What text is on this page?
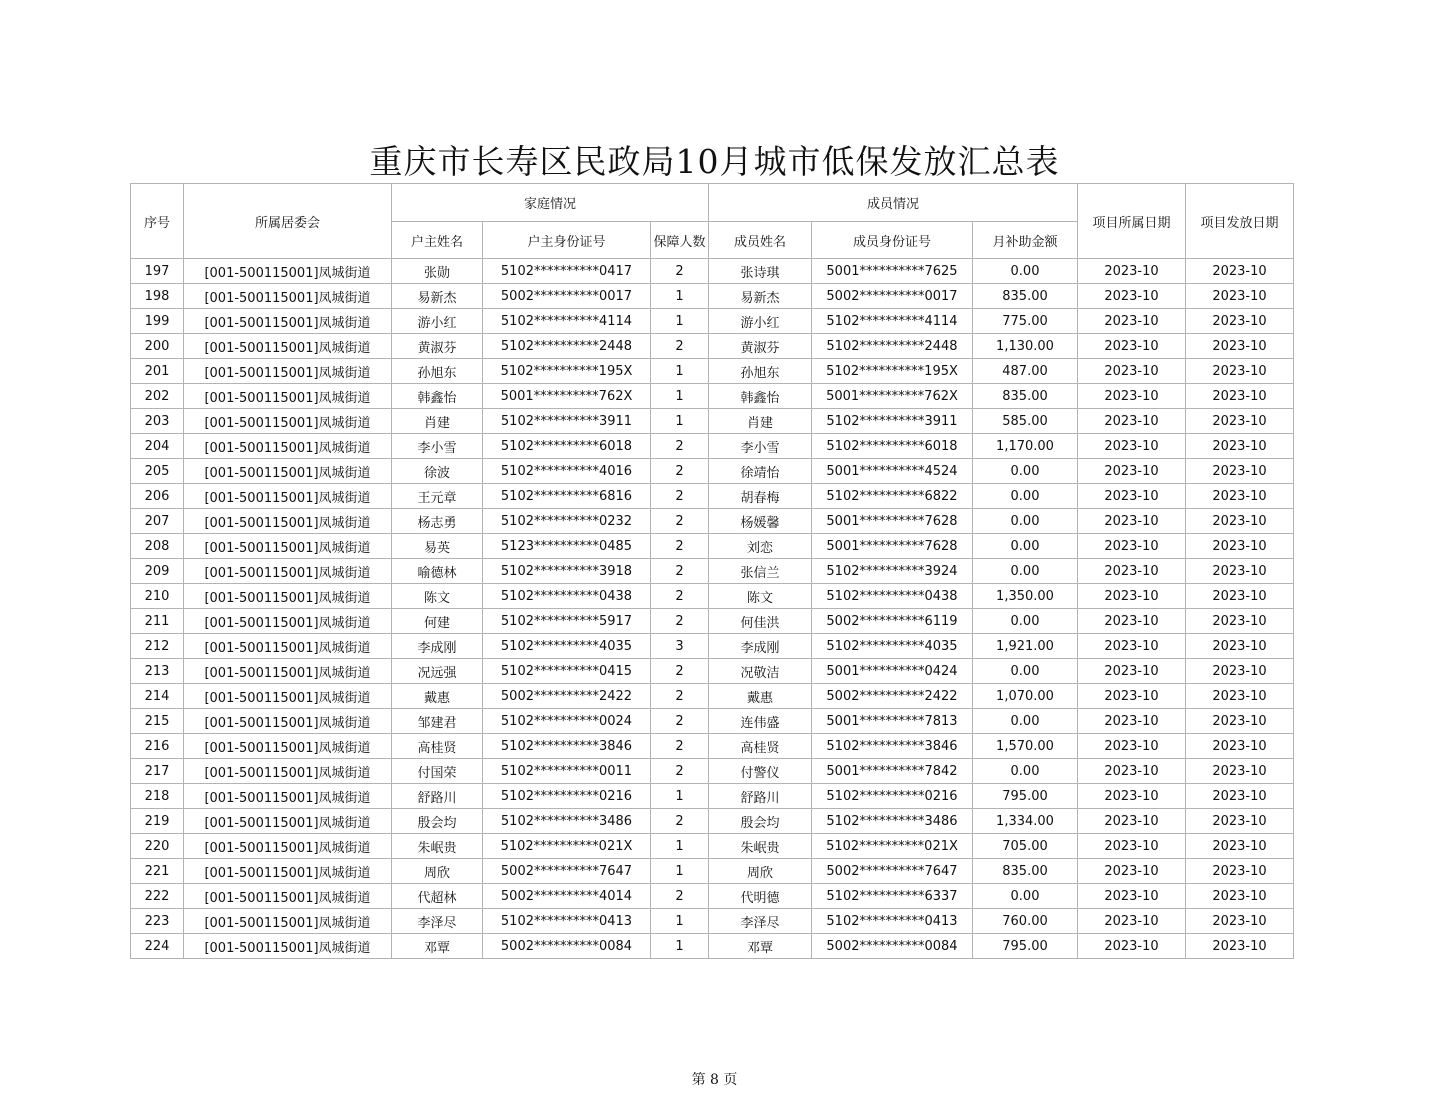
重庆市长寿区民政局10月城市低保发放汇总表
序号	所属居委会	家庭情况			成员情况			项目所属日期	项目发放日期
		户主姓名	户主身份证号	保障人数	成员姓名	成员身份证号	月补助金额		
197	[001-500115001]凤城街道	张勋	5102**********0417	2	张诗琪	5001**********7625	0.00	2023-10	2023-10
198	[001-500115001]凤城街道	易新杰	5002**********0017	1	易新杰	5002**********0017	835.00	2023-10	2023-10
199	[001-500115001]凤城街道	游小红	5102**********4114	1	游小红	5102**********4114	775.00	2023-10	2023-10
200	[001-500115001]凤城街道	黄淑芬	5102**********2448	2	黄淑芬	5102**********2448	1,130.00	2023-10	2023-10
201	[001-500115001]凤城街道	孙旭东	5102**********195X	1	孙旭东	5102**********195X	487.00	2023-10	2023-10
202	[001-500115001]凤城街道	韩鑫怡	5001**********762X	1	韩鑫怡	5001**********762X	835.00	2023-10	2023-10
203	[001-500115001]凤城街道	肖建	5102**********3911	1	肖建	5102**********3911	585.00	2023-10	2023-10
204	[001-500115001]凤城街道	李小雪	5102**********6018	2	李小雪	5102**********6018	1,170.00	2023-10	2023-10
205	[001-500115001]凤城街道	徐波	5102**********4016	2	徐靖怡	5001**********4524	0.00	2023-10	2023-10
206	[001-500115001]凤城街道	王元章	5102**********6816	2	胡春梅	5102**********6822	0.00	2023-10	2023-10
207	[001-500115001]凤城街道	杨志勇	5102**********0232	2	杨媛馨	5001**********7628	0.00	2023-10	2023-10
208	[001-500115001]凤城街道	易英	5123**********0485	2	刘恋	5001**********7628	0.00	2023-10	2023-10
209	[001-500115001]凤城街道	喻德林	5102**********3918	2	张信兰	5102**********3924	0.00	2023-10	2023-10
210	[001-500115001]凤城街道	陈文	5102**********0438	2	陈文	5102**********0438	1,350.00	2023-10	2023-10
211	[001-500115001]凤城街道	何建	5102**********5917	2	何佳洪	5002**********6119	0.00	2023-10	2023-10
212	[001-500115001]凤城街道	李成刚	5102**********4035	3	李成刚	5102**********4035	1,921.00	2023-10	2023-10
213	[001-500115001]凤城街道	况远强	5102**********0415	2	况敬洁	5001**********0424	0.00	2023-10	2023-10
214	[001-500115001]凤城街道	戴惠	5002**********2422	2	戴惠	5002**********2422	1,070.00	2023-10	2023-10
215	[001-500115001]凤城街道	邹建君	5102**********0024	2	连伟盛	5001**********7813	0.00	2023-10	2023-10
216	[001-500115001]凤城街道	高桂贤	5102**********3846	2	高桂贤	5102**********3846	1,570.00	2023-10	2023-10
217	[001-500115001]凤城街道	付国荣	5102**********0011	2	付警仪	5001**********7842	0.00	2023-10	2023-10
218	[001-500115001]凤城街道	舒路川	5102**********0216	1	舒路川	5102**********0216	795.00	2023-10	2023-10
219	[001-500115001]凤城街道	殷会均	5102**********3486	2	殷会均	5102**********3486	1,334.00	2023-10	2023-10
220	[001-500115001]凤城街道	朱岷贵	5102**********021X	1	朱岷贵	5102**********021X	705.00	2023-10	2023-10
221	[001-500115001]凤城街道	周欣	5002**********7647	1	周欣	5002**********7647	835.00	2023-10	2023-10
222	[001-500115001]凤城街道	代超林	5002**********4014	2	代明德	5102**********6337	0.00	2023-10	2023-10
223	[001-500115001]凤城街道	李泽尽	5102**********0413	1	李泽尽	5102**********0413	760.00	2023-10	2023-10
224	[001-500115001]凤城街道	邓覃	5002**********0084	1	邓覃	5002**********0084	795.00	2023-10	2023-10
第 8 页
